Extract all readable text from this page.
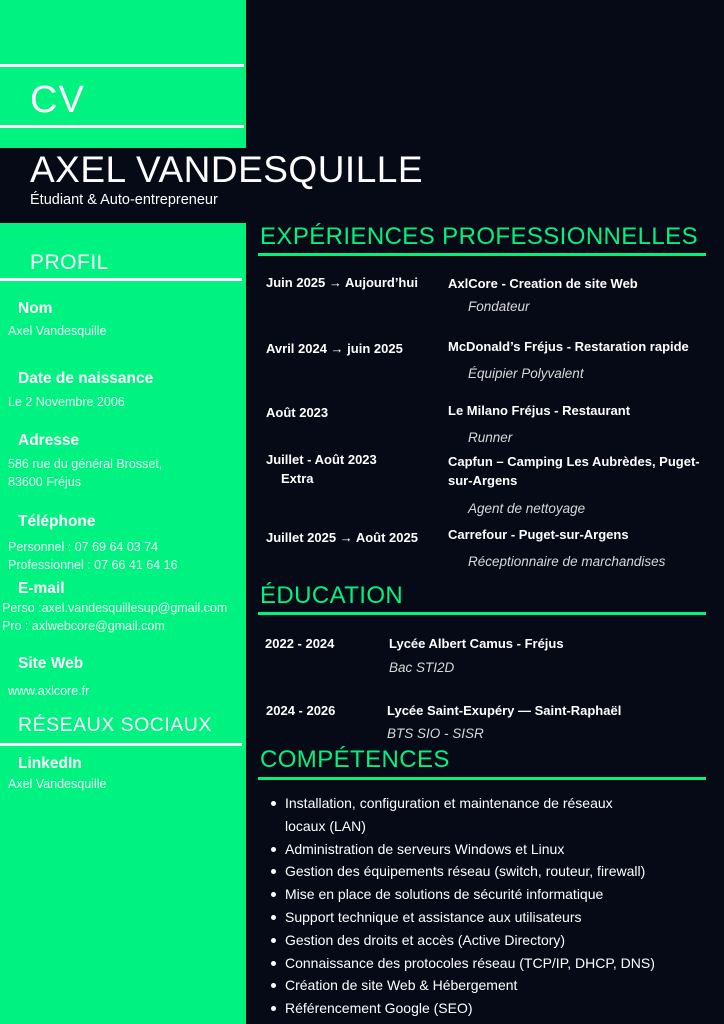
CV
AXEL VANDESQUILLE
Étudiant & Auto-entrepreneur
PROFIL
Nom
Axel Vandesquille
Date de naissance
Le 2 Novembre 2006
Adresse
586 rue du général Brosset,
83600 Fréjus
Téléphone
Personnel : 07 69 64 03 74
Professionnel : 07 66 41 64 16
E-mail
Perso :axel.vandesquillesup@gmail.com
Pro : axlwebcore@gmail.com
Site Web
www.axlcore.fr
RÉSEAUX SOCIAUX
LinkedIn
Axel Vandesquille
EXPÉRIENCES PROFESSIONNELLES
Juin 2025 → Aujourd’hui AxlCore - Creation de site Web
Fondateur
Avril 2024 → juin 2025	McDonald’s Fréjus - Restaration rapide
Équipier Polyvalent
Août 2023	Le Milano Fréjus - Restaurant
Runner
Juillet - Août 2023
Extra
Capfun – Camping Les Aubrèdes, Puget-
sur-Argens
Agent de nettoyage
Juillet 2025 → Août 2025 Carrefour - Puget-sur-Argens
Réceptionnaire de marchandises
ÉDUCATION
2022 - 2024	Lycée Albert Camus - Fréjus
Bac STI2D
2024 - 2026	Lycée Saint-Exupéry — Saint-Raphaël
BTS SIO - SISR
COMPÉTENCES
Installation, configuration et maintenance de réseaux
locaux (LAN)
Administration de serveurs Windows et Linux
Gestion des équipements réseau (switch, routeur, firewall)
Mise en place de solutions de sécurité informatique
Support technique et assistance aux utilisateurs
Gestion des droits et accès (Active Directory)
Connaissance des protocoles réseau (TCP/IP, DHCP, DNS)
Création de site Web & Hébergement
Référencement Google (SEO)
